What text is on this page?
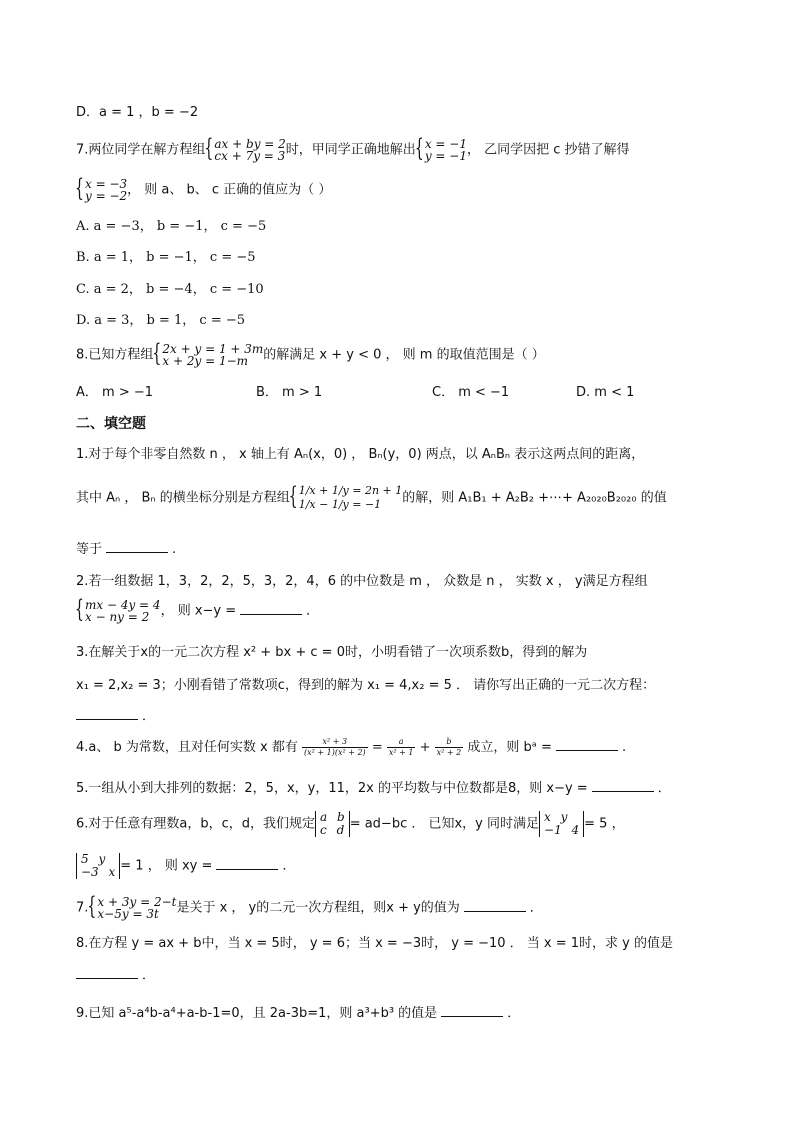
D．a = 1 ，b = −2
7.两位同学在解方程组 { ax + by = 2
cx + 7y = 3 时，甲同学正确地解出 { x = −1
y = −1 ， 乙同学因把 c 抄错了解得
{ x = −3
y = −2 ， 则 a、 b、 c 正确的值应为（ ）
A. a = −3， b = −1， c = −5
B. a = 1， b = −1， c = −5
C. a = 2， b = −4， c = −10
D. a = 3， b = 1， c = −5
8.已知方程组 { 2x + y = 1 + 3m
x + 2y = 1−m	的解满足 x + y < 0 ， 则 m 的取值范围是（ ）
A． m > −1	B． m > 1	C． m < −1	D. m < 1
二、填空题
1.对于每个非零自然数 n ， x 轴上有 Aₙ(x，0) ， Bₙ(y，0) 两点，以 AₙBₙ 表示这两点间的距离，
其中 Aₙ ， Bₙ 的横坐标分别是方程组 { 1/x + 1/y = 2n + 1
1/x − 1/y = −1	的解，则 A₁B₁ + A₂B₂ +⋯+ A₂₀₂₀B₂₀₂₀ 的值
等于	.
2.若一组数据 1，3，2，2，5，3，2，4，6 的中位数是 m ， 众数是 n ， 实数 x ， y满足方程组
{ mx − 4y = 4
x − ny = 2 ， 则 x−y =	．
3.在解关于x的一元二次方程 x² + bx + c = 0时，小明看错了一次项系数b，得到的解为
x₁ = 2,x₂ = 3；小刚看错了常数项c，得到的解为 x₁ = 4,x₂ = 5 ． 请你写出正确的一元二次方程：
．
4.a、 b 为常数，且对任何实数 x 都有 $\frac{\text{x² + 3}}{\text{(x² + 1)(x² + 2)}} = \frac{a}{\text{x² + 1}} + \frac{b}{\text{x² + 2}}$ 成立，则 bᵃ =	.
5.一组从小到大排列的数据：2，5，x，y，11，2x 的平均数与中位数都是8，则 x−y =	．
6.对于任意有理数a，b，c，d，我们规定 a b
c d = ad−bc ． 已知x，y 同时满足 x y
−1 4 = 5 ，
5 y
−3 x = 1 ， 则 xy =	．
7. { x + 3y = 2−t
x−5y = 3t	是关于 x ， y的二元一次方程组，则x + y的值为	．
8.在方程 y = ax + b中，当 x = 5时， y = 6；当 x = −3时， y = −10 ． 当 x = 1时，求 y 的值是
．
9.已知 a⁵-a⁴b-a⁴+a-b-1=0，且 2a-3b=1，则 a³+b³ 的值是	．
